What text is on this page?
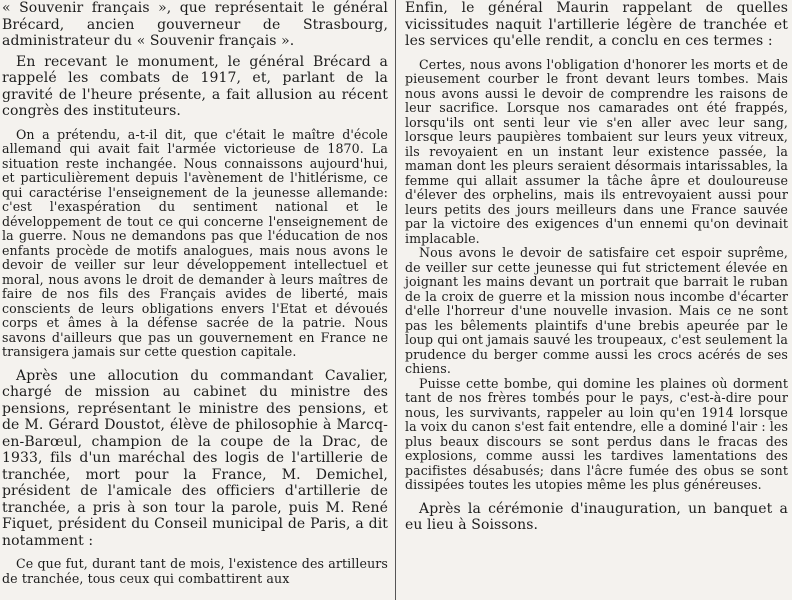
« Souvenir français », que représentait le général Brécard, ancien gouverneur de Strasbourg, administrateur du « Souvenir français ».

En recevant le monument, le général Brécard a rappelé les combats de 1917, et, parlant de la gravité de l'heure présente, a fait allusion au récent congrès des instituteurs.

On a prétendu, a-t-il dit, que c'était le maître d'école allemand qui avait fait l'armée victorieuse de 1870. La situation reste inchangée. Nous connaissons aujourd'hui, et particulièrement depuis l'avènement de l'hitlérisme, ce qui caractérise l'enseignement de la jeunesse allemande: c'est l'exaspération du sentiment national et le développement de tout ce qui concerne l'enseignement de la guerre. Nous ne demandons pas que l'éducation de nos enfants procède de motifs analogues, mais nous avons le devoir de veiller sur leur développement intellectuel et moral, nous avons le droit de demander à leurs maîtres de faire de nos fils des Français avides de liberté, mais conscients de leurs obligations envers l'Etat et dévoués corps et âmes à la défense sacrée de la patrie. Nous savons d'ailleurs que pas un gouvernement en France ne transigera jamais sur cette question capitale.

Après une allocution du commandant Cavalier, chargé de mission au cabinet du ministre des pensions, représentant le ministre des pensions, et de M. Gérard Doustot, élève de philosophie à Marcq-en-Barœul, champion de la coupe de la Drac, de 1933, fils d'un maréchal des logis de l'artillerie de tranchée, mort pour la France, M. Demichel, président de l'amicale des officiers d'artillerie de tranchée, a pris à son tour la parole, puis M. René Fiquet, président du Conseil municipal de Paris, a dit notamment :

Ce que fut, durant tant de mois, l'existence des artilleurs de tranchée, tous ceux qui combattirent aux

Enfin, le général Maurin rappelant de quelles vicissitudes naquit l'artillerie légère de tranchée et les services qu'elle rendit, a conclu en ces termes :

Certes, nous avons l'obligation d'honorer les morts et de pieusement courber le front devant leurs tombes. Mais nous avons aussi le devoir de comprendre les raisons de leur sacrifice. Lorsque nos camarades ont été frappés, lorsqu'ils ont senti leur vie s'en aller avec leur sang, lorsque leurs paupières tombaient sur leurs yeux vitreux, ils revoyaient en un instant leur existence passée, la maman dont les pleurs seraient désormais intarissables, la femme qui allait assumer la tâche âpre et douloureuse d'élever des orphelins, mais ils entrevoyaient aussi pour leurs petits des jours meilleurs dans une France sauvée par la victoire des exigences d'un ennemi qu'on devinait implacable.

Nous avons le devoir de satisfaire cet espoir suprême, de veiller sur cette jeunesse qui fut strictement élevée en joignant les mains devant un portrait que barrait le ruban de la croix de guerre et la mission nous incombe d'écarter d'elle l'horreur d'une nouvelle invasion. Mais ce ne sont pas les bêlements plaintifs d'une brebis apeurée par le loup qui ont jamais sauvé les troupeaux, c'est seulement la prudence du berger comme aussi les crocs acérés de ses chiens.

Puisse cette bombe, qui domine les plaines où dorment tant de nos frères tombés pour le pays, c'est-à-dire pour nous, les survivants, rappeler au loin qu'en 1914 lorsque la voix du canon s'est fait entendre, elle a dominé l'air : les plus beaux discours se sont perdus dans le fracas des explosions, comme aussi les tardives lamentations des pacifistes désabusés; dans l'âcre fumée des obus se sont dissipées toutes les utopies même les plus généreuses.

Après la cérémonie d'inauguration, un banquet a eu lieu à Soissons.
